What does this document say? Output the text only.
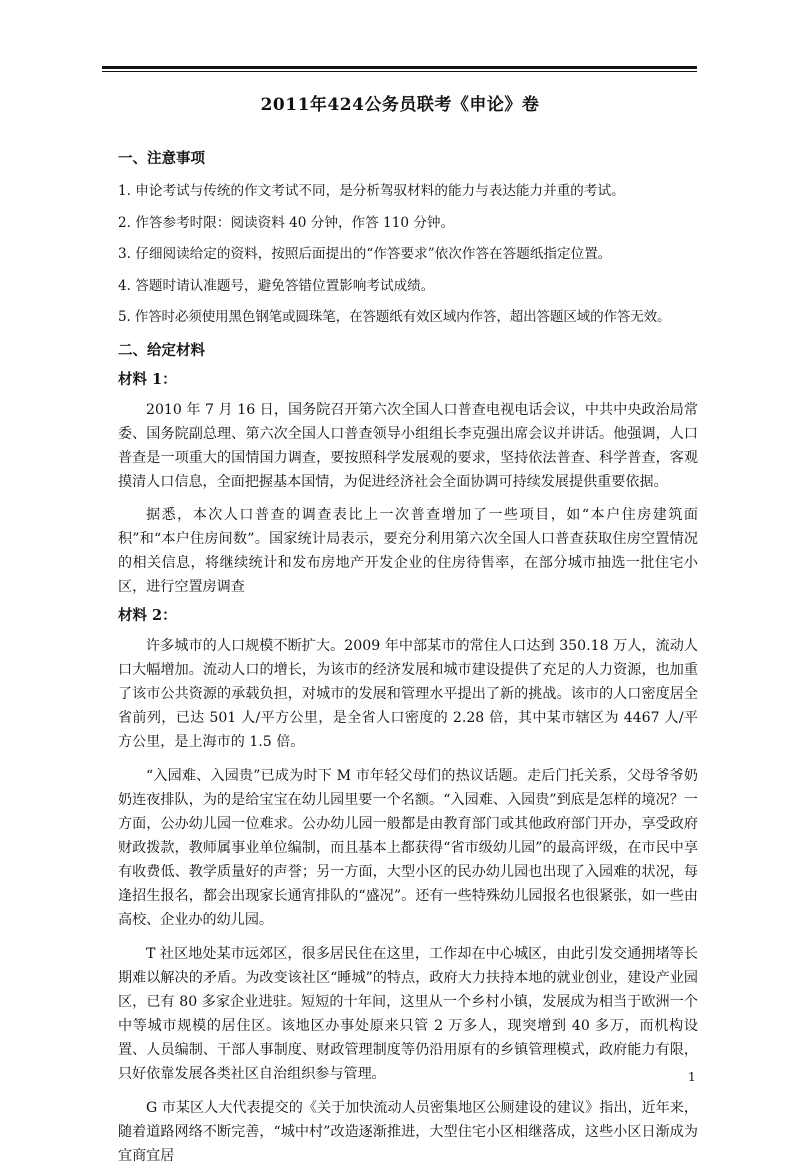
2011年424公务员联考《申论》卷

一、注意事项

1. 申论考试与传统的作文考试不同，是分析驾驭材料的能力与表达能力并重的考试。

2. 作答参考时限：阅读资料 40 分钟，作答 110 分钟。

3. 仔细阅读给定的资料，按照后面提出的“作答要求”依次作答在答题纸指定位置。

4. 答题时请认准题号，避免答错位置影响考试成绩。

5. 作答时必须使用黑色钢笔或圆珠笔，在答题纸有效区域内作答，超出答题区域的作答无效。

二、给定材料

材料 1：

2010 年 7 月 16 日，国务院召开第六次全国人口普查电视电话会议，中共中央政治局常委、国务院副总理、第六次全国人口普查领导小组组长李克强出席会议并讲话。他强调，人口普查是一项重大的国情国力调查，要按照科学发展观的要求，坚持依法普查、科学普查，客观摸清人口信息，全面把握基本国情，为促进经济社会全面协调可持续发展提供重要依据。

据悉，本次人口普查的调查表比上一次普查增加了一些项目，如“本户住房建筑面积”和“本户住房间数”。国家统计局表示，要充分利用第六次全国人口普查获取住房空置情况的相关信息，将继续统计和发布房地产开发企业的住房待售率，在部分城市抽选一批住宅小区，进行空置房调查

材料 2：

许多城市的人口规模不断扩大。2009 年中部某市的常住人口达到 350.18 万人，流动人口大幅增加。流动人口的增长，为该市的经济发展和城市建设提供了充足的人力资源，也加重了该市公共资源的承载负担，对城市的发展和管理水平提出了新的挑战。该市的人口密度居全省前列，已达 501 人/平方公里，是全省人口密度的 2.28 倍，其中某市辖区为 4467 人/平方公里，是上海市的 1.5 倍。

“入园难、入园贵”已成为时下 M 市年轻父母们的热议话题。走后门托关系，父母爷爷奶奶连夜排队，为的是给宝宝在幼儿园里要一个名额。“入园难、入园贵”到底是怎样的境况？一方面，公办幼儿园一位难求。公办幼儿园一般都是由教育部门或其他政府部门开办，享受政府财政拨款，教师属事业单位编制，而且基本上都获得“省市级幼儿园”的最高评级，在市民中享有收费低、教学质量好的声誉；另一方面，大型小区的民办幼儿园也出现了入园难的状况，每逢招生报名，都会出现家长通宵排队的“盛况”。还有一些特殊幼儿园报名也很紧张，如一些由高校、企业办的幼儿园。

T 社区地处某市远郊区，很多居民住在这里，工作却在中心城区，由此引发交通拥堵等长期难以解决的矛盾。为改变该社区“睡城”的特点，政府大力扶持本地的就业创业，建设产业园区，已有 80 多家企业进驻。短短的十年间，这里从一个乡村小镇，发展成为相当于欧洲一个中等城市规模的居住区。该地区办事处原来只管 2 万多人，现突增到 40 多万，而机构设置、人员编制、干部人事制度、财政管理制度等仍沿用原有的乡镇管理模式，政府能力有限，只好依靠发展各类社区自治组织参与管理。

G 市某区人大代表提交的《关于加快流动人员密集地区公厕建设的建议》指出，近年来，随着道路网络不断完善，“城中村”改造逐渐推进，大型住宅小区相继落成，这些小区日渐成为宜商宜居

1
